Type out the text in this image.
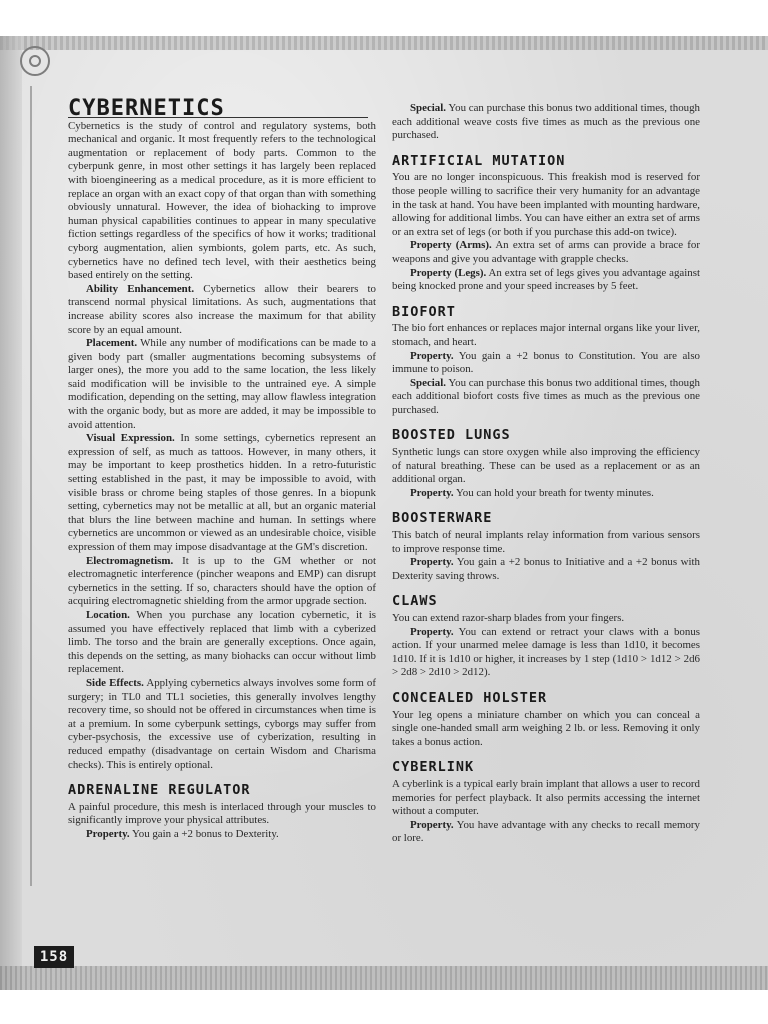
CYBERNETICS

Cybernetics is the study of control and regulatory systems, both mechanical and organic. It most frequently refers to the technological augmentation or replacement of body parts. Common to the cyberpunk genre, in most other settings it has largely been replaced with bioengineering as a medical procedure, as it is more efficient to replace an organ with an exact copy of that organ than with something obviously unnatural. However, the idea of biohacking to improve human physical capabilities continues to appear in many speculative fiction settings regardless of the specifics of how it works; traditional cyborg augmentation, alien symbionts, golem parts, etc. As such, cybernetics have no defined tech level, with their aesthetics being based entirely on the setting.

Ability Enhancement. Cybernetics allow their bearers to transcend normal physical limitations. As such, augmentations that increase ability scores also increase the maximum for that ability score by an equal amount.

Placement. While any number of modifications can be made to a given body part (smaller augmentations becoming subsystems of larger ones), the more you add to the same location, the less likely said modification will be invisible to the untrained eye. A simple modification, depending on the setting, may allow flawless integration with the organic body, but as more are added, it may be impossible to avoid attention.

Visual Expression. In some settings, cybernetics represent an expression of self, as much as tattoos. However, in many others, it may be important to keep prosthetics hidden. In a retro-futuristic setting established in the past, it may be impossible to avoid, with visible brass or chrome being staples of those genres. In a biopunk setting, cybernetics may not be metallic at all, but an organic material that blurs the line between machine and human. In settings where cybernetics are uncommon or viewed as an undesirable choice, visible expression of them may impose disadvantage at the GM's discretion.

Electromagnetism. It is up to the GM whether or not electromagnetic interference (pincher weapons and EMP) can disrupt cybernetics in the setting. If so, characters should have the option of acquiring electromagnetic shielding from the armor upgrade section.

Location. When you purchase any location cybernetic, it is assumed you have effectively replaced that limb with a cyberized limb. The torso and the brain are generally exceptions. Once again, this depends on the setting, as many biohacks can occur without limb replacement.

Side Effects. Applying cybernetics always involves some form of surgery; in TL0 and TL1 societies, this generally involves lengthy recovery time, so should not be offered in circumstances when time is at a premium. In some cyberpunk settings, cyborgs may suffer from cyber-psychosis, the excessive use of cyberization, resulting in reduced empathy (disadvantage on certain Wisdom and Charisma checks). This is entirely optional.

ADRENALINE REGULATOR

A painful procedure, this mesh is interlaced through your muscles to significantly improve your physical attributes.

Property. You gain a +2 bonus to Dexterity.

Special. You can purchase this bonus two additional times, though each additional weave costs five times as much as the previous one purchased.

ARTIFICIAL MUTATION

You are no longer inconspicuous. This freakish mod is reserved for those people willing to sacrifice their very humanity for an advantage in the task at hand. You have been implanted with mounting hardware, allowing for additional limbs. You can have either an extra set of arms or an extra set of legs (or both if you purchase this add-on twice).

Property (Arms). An extra set of arms can provide a brace for weapons and give you advantage with grapple checks.

Property (Legs). An extra set of legs gives you advantage against being knocked prone and your speed increases by 5 feet.

BIOFORT

The bio fort enhances or replaces major internal organs like your liver, stomach, and heart.

Property. You gain a +2 bonus to Constitution. You are also immune to poison.

Special. You can purchase this bonus two additional times, though each additional biofort costs five times as much as the previous one purchased.

BOOSTED LUNGS

Synthetic lungs can store oxygen while also improving the efficiency of natural breathing. These can be used as a replacement or as an additional organ.

Property. You can hold your breath for twenty minutes.

BOOSTERWARE

This batch of neural implants relay information from various sensors to improve response time.

Property. You gain a +2 bonus to Initiative and a +2 bonus with Dexterity saving throws.

CLAWS

You can extend razor-sharp blades from your fingers.

Property. You can extend or retract your claws with a bonus action. If your unarmed melee damage is less than 1d10, it becomes 1d10. If it is 1d10 or higher, it increases by 1 step (1d10 > 1d12 > 2d6 > 2d8 > 2d10 > 2d12).

CONCEALED HOLSTER

Your leg opens a miniature chamber on which you can conceal a single one-handed small arm weighing 2 lb. or less. Removing it only takes a bonus action.

CYBERLINK

A cyberlink is a typical early brain implant that allows a user to record memories for perfect playback. It also permits accessing the internet without a computer.

Property. You have advantage with any checks to recall memory or lore.

158
